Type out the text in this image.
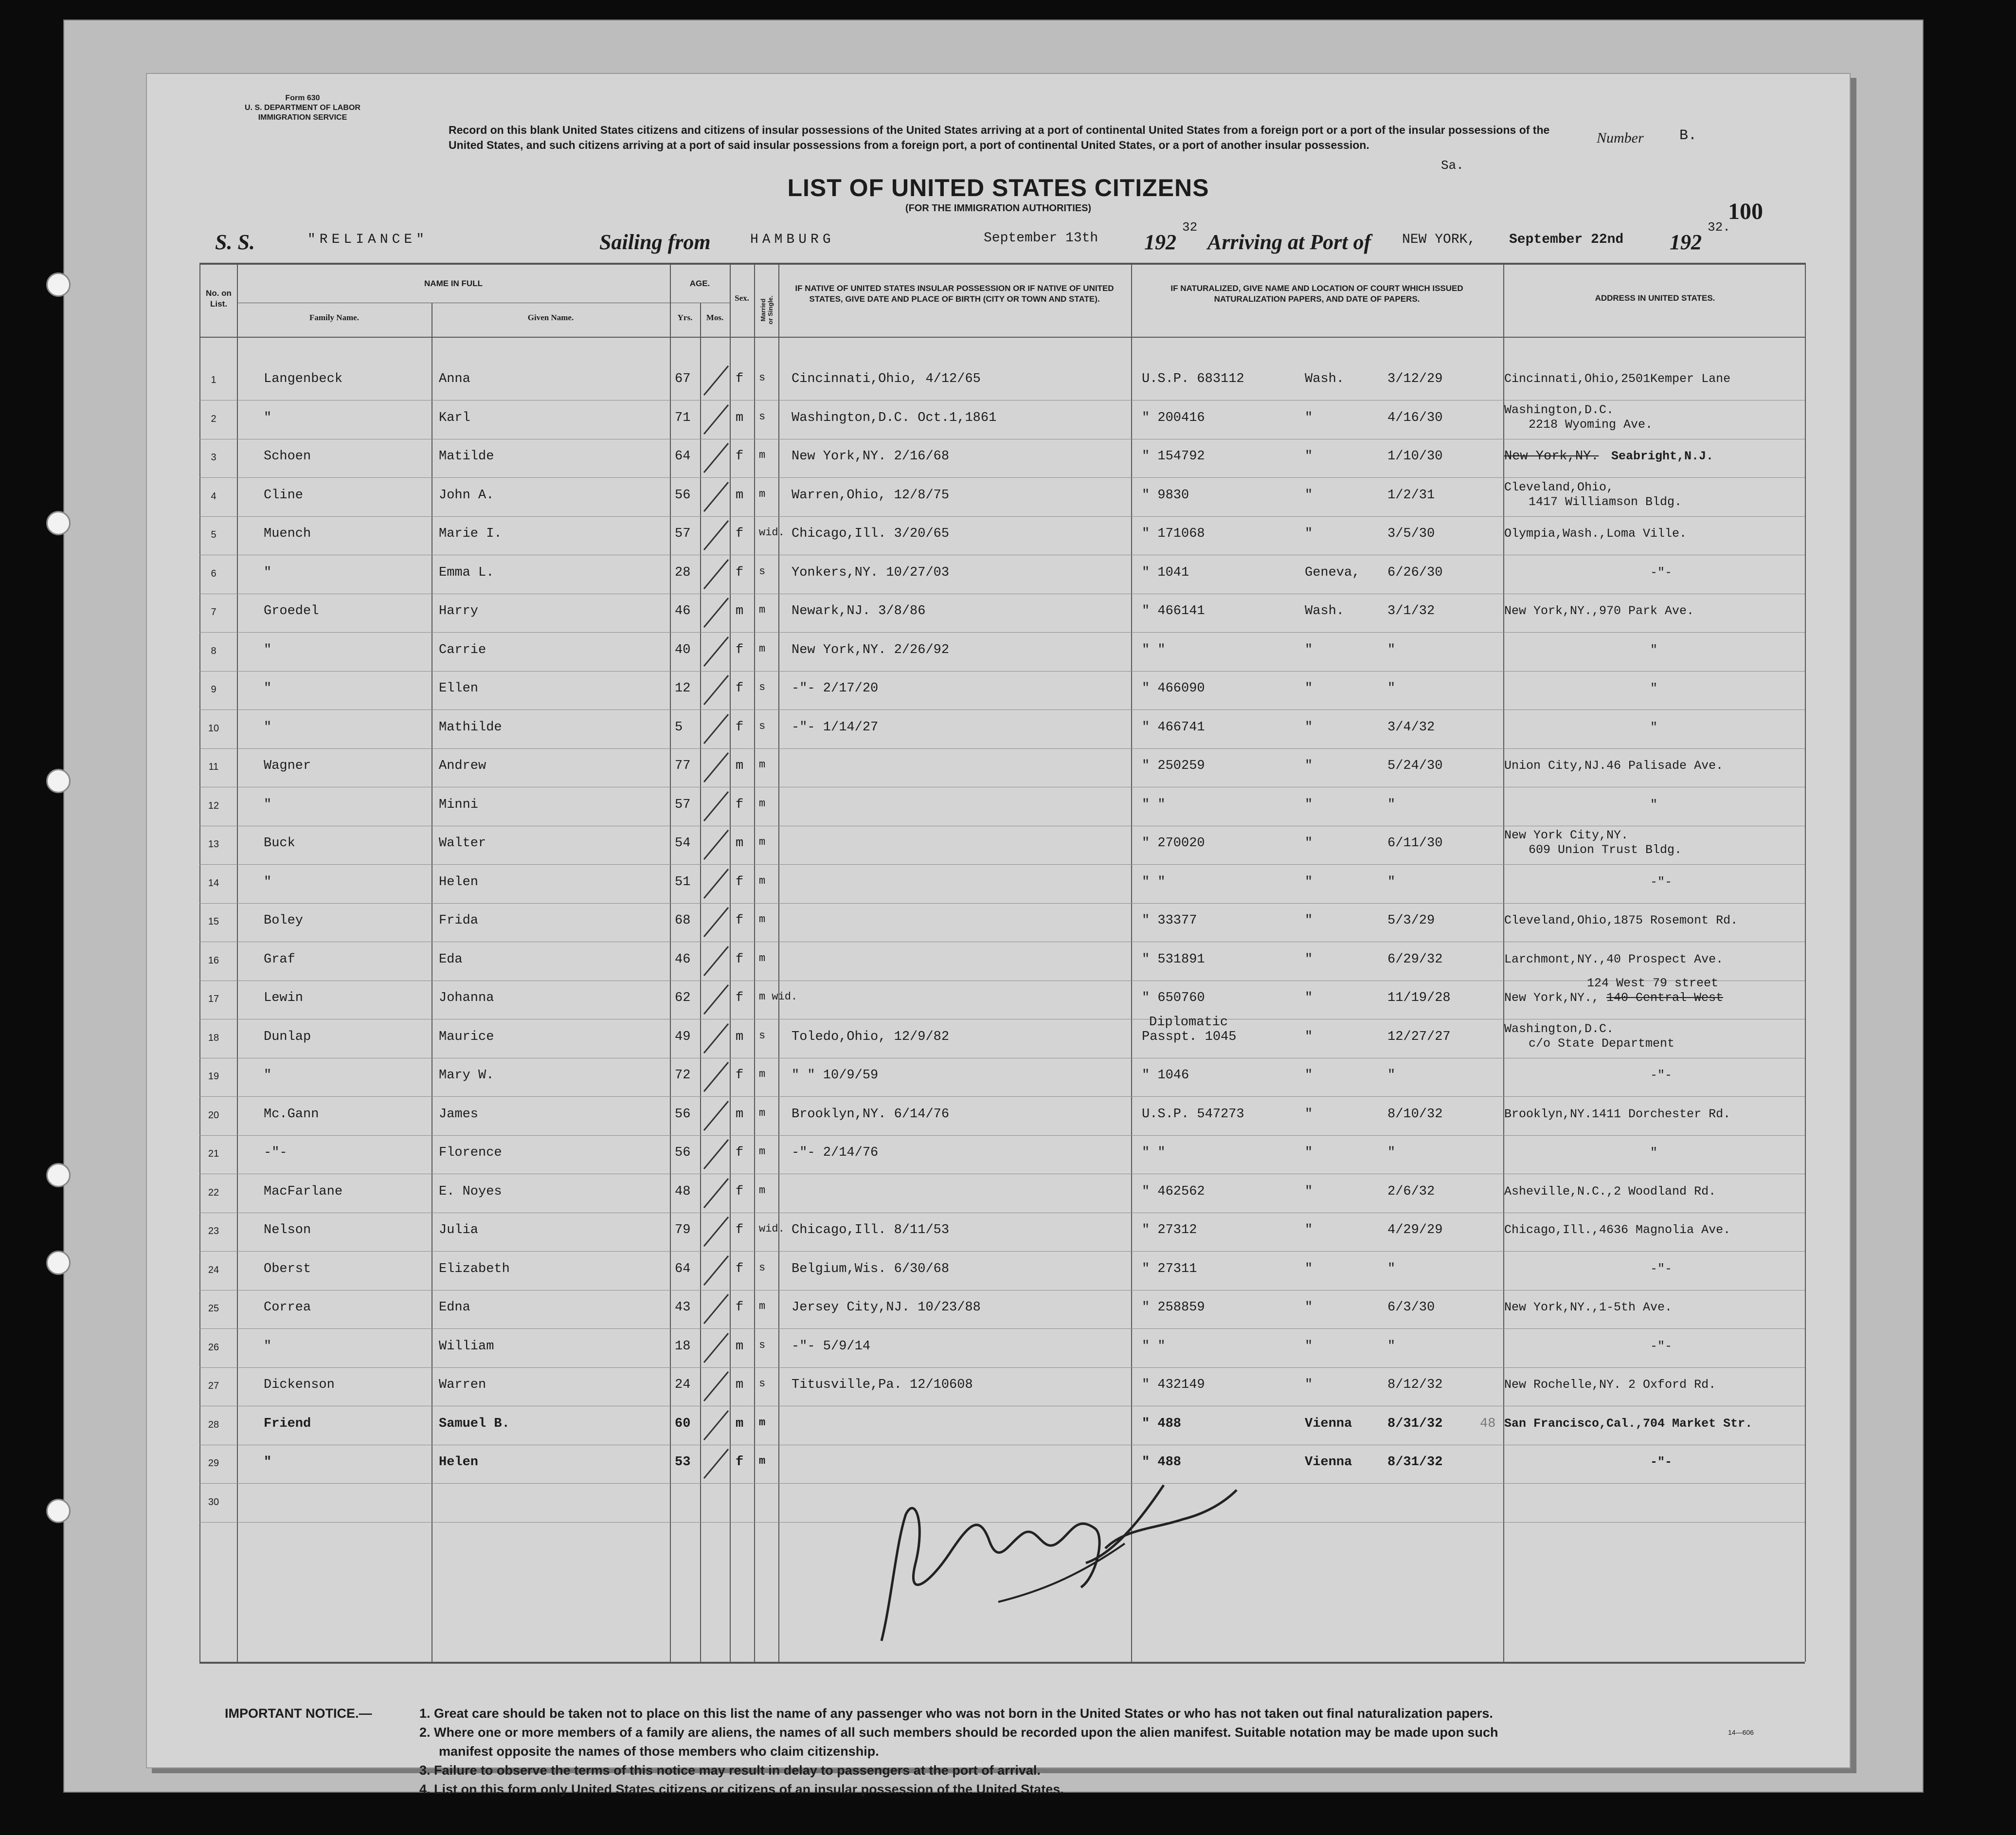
Form 630
U. S. DEPARTMENT OF LABOR
IMMIGRATION SERVICE
Record on this blank United States citizens and citizens of insular possessions of the United States arriving at a port of continental United States from a foreign port or a port of the insular possessions of the United States, and such citizens arriving at a port of said insular possessions from a foreign port, a port of continental United States, or a port of another insular possession.	Number B.
Sa.
LIST OF UNITED STATES CITIZENS
(FOR THE IMMIGRATION AUTHORITIES)	100
S. S.	"RELIANCE"	Sailing from	HAMBURG	September 13th 192
32
Arriving at Port of NEW YORK, September 22nd 192
32.
No. on List.
NAME IN FULL
Family Name.	Given Name.
AGE.
Yrs.	Mos.
Sex.
Married or Single.
IF NATIVE OF UNITED STATES INSULAR POSSESSION OR IF NATIVE OF UNITED STATES, GIVE DATE AND PLACE OF BIRTH (CITY OR TOWN AND STATE).
IF NATURALIZED, GIVE NAME AND LOCATION OF COURT WHICH ISSUED NATURALIZATION PAPERS, AND DATE OF PAPERS.	ADDRESS IN UNITED STATES.
1	Langenbeck	Anna	67	f s Cincinnati,Ohio, 4/12/65	U.S.P. 683112	Wash.	3/12/29	Cincinnati,Ohio,2501Kemper Lane
2	"	Karl	71	m s Washington,D.C. Oct.1,1861	" 200416	"	4/16/30
Washington,D.C.
2218 Wyoming Ave.
3	Schoen	Matilde	64	f m New York,NY. 2/16/68	" 154792	"	1/10/30	New York,NY. Seabright,N.J.
4	Cline	John A.	56	m m Warren,Ohio, 12/8/75	" 9830	"	1/2/31
Cleveland,Ohio,
1417 Williamson Bldg.
5	Muench	Marie I.	57	f wid. Chicago,Ill. 3/20/65	" 171068	"	3/5/30	Olympia,Wash.,Loma Ville.
6	"	Emma L.	28	f s Yonkers,NY. 10/27/03	" 1041	Geneva, 6/26/30	-"-
7	Groedel	Harry	46	m m Newark,NJ. 3/8/86	" 466141	Wash.	3/1/32	New York,NY.,970 Park Ave.
8	"	Carrie	40	f m New York,NY. 2/26/92	" "	"	"	"
9	"	Ellen	12	f s -"- 2/17/20	" 466090	"	"	"
10	"	Mathilde	5	f s -"- 1/14/27	" 466741	"	3/4/32	"
11	Wagner	Andrew	77	m m	" 250259	"	5/24/30	Union City,NJ.46 Palisade Ave.
12	"	Minni	57	f m	" "	"	"	"
13	Buck	Walter	54	m m	" 270020	"	6/11/30
New York City,NY.
609 Union Trust Bldg.
14	"	Helen	51	f m	" "	"	"	-"-
15	Boley	Frida	68	f m	" 33377	"	5/3/29	Cleveland,Ohio,1875 Rosemont Rd.
16	Graf	Eda	46	f m	" 531891	"	6/29/32	Larchmont,NY.,40 Prospect Ave.
17	Lewin	Johanna	62	f m wid.	" 650760	"	11/19/28
124 West 79 street
New York,NY., 140 Central West
18	Dunlap	Maurice	49	m s Toledo,Ohio, 12/9/82
Diplomatic
Passpt. 1045	"	12/27/27
Washington,D.C.
c/o State Department
19	"	Mary W.	72	f m " " 10/9/59	" 1046	"	"	-"-
20	Mc.Gann	James	56	m m Brooklyn,NY. 6/14/76	U.S.P. 547273	"	8/10/32	Brooklyn,NY.1411 Dorchester Rd.
21	-"-	Florence	56	f m -"- 2/14/76	" "	"	"	"
22	MacFarlane	E. Noyes	48	f m	" 462562	"	2/6/32	Asheville,N.C.,2 Woodland Rd.
23	Nelson	Julia	79	f wid. Chicago,Ill. 8/11/53	" 27312	"	4/29/29	Chicago,Ill.,4636 Magnolia Ave.
24	Oberst	Elizabeth	64	f s Belgium,Wis. 6/30/68	" 27311	"	"	-"-
25	Correa	Edna	43	f m Jersey City,NJ. 10/23/88	" 258859	"	6/3/30	New York,NY.,1-5th Ave.
26	"	William	18	m s -"- 5/9/14	" "	"	"	-"-
27	Dickenson	Warren	24	m s Titusville,Pa. 12/10608	" 432149	"	8/12/32	New Rochelle,NY. 2 Oxford Rd.
28	Friend	Samuel B.	60	m m	" 488	Vienna	8/31/32	48 San Francisco,Cal.,704 Market Str.
29	"	Helen	53	f m	" 488	Vienna	8/31/32	-"-
30
IMPORTANT NOTICE.—	1. Great care should be taken not to place on this list the name of any passenger who was not born in the United States or who has not taken out final naturalization papers.
2. Where one or more members of a family are aliens, the names of all such members should be recorded upon the alien manifest. Suitable notation may be made upon such
manifest opposite the names of those members who claim citizenship.
3. Failure to observe the terms of this notice may result in delay to passengers at the port of arrival.
4. List on this form only United States citizens or citizens of an insular possession of the United States.
14—606
